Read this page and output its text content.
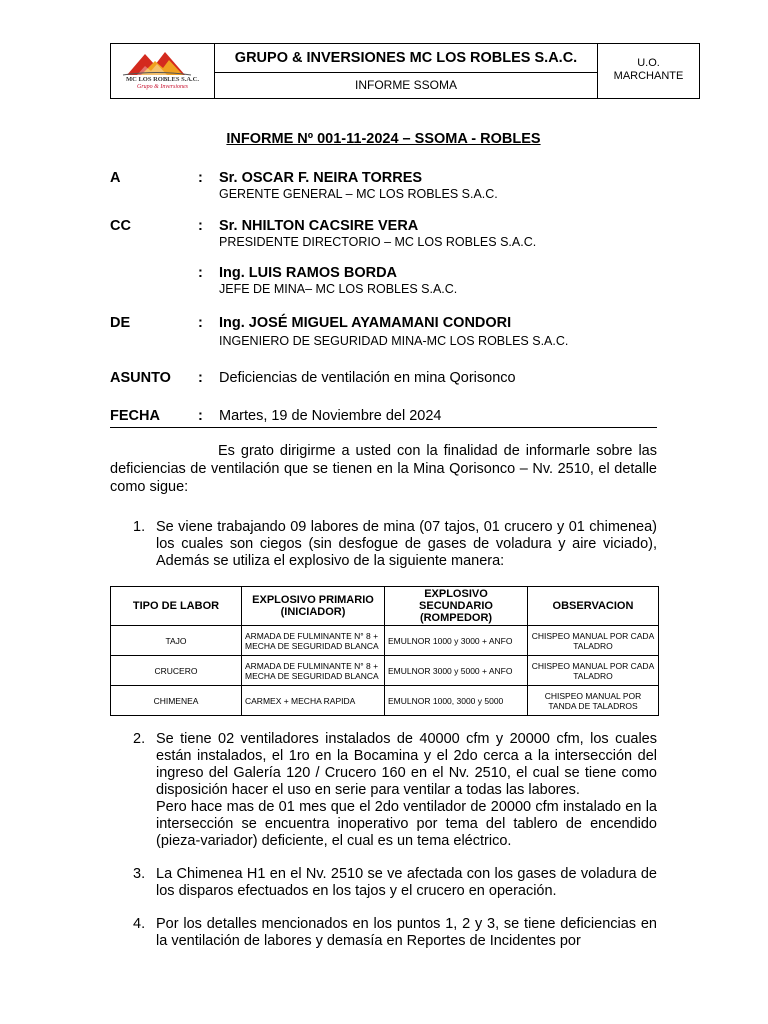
MC LOS ROBLES S.A.C.
Grupo & Inversiones
GRUPO & INVERSIONES MC LOS ROBLES S.A.C.
INFORME SSOMA
U.O.
MARCHANTE
INFORME Nº 001-11-2024 – SSOMA - ROBLES
A	: Sr. OSCAR F. NEIRA TORRES
GERENTE GENERAL – MC LOS ROBLES S.A.C.
CC	: Sr. NHILTON CACSIRE VERA
PRESIDENTE DIRECTORIO – MC LOS ROBLES S.A.C.
: Ing. LUIS RAMOS BORDA
JEFE DE MINA– MC LOS ROBLES S.A.C.
DE	: Ing. JOSÉ MIGUEL AYAMAMANI CONDORI
INGENIERO DE SEGURIDAD MINA-MC LOS ROBLES S.A.C.
ASUNTO : Deficiencias de ventilación en mina Qorisonco
FECHA	: Martes, 19 de Noviembre del 2024

Es grato dirigirme a usted con la finalidad de informarle sobre las deficiencias de ventilación que se tienen en la Mina Qorisonco – Nv. 2510, el detalle como sigue:

1. Se viene trabajando 09 labores de mina (07 tajos, 01 crucero y 01 chimenea) los cuales son ciegos (sin desfogue de gases de voladura y aire viciado), Además se utiliza el explosivo de la siguiente manera:

TIPO DE LABOR	EXPLOSIVO PRIMARIO (INICIADOR)	EXPLOSIVO SECUNDARIO (ROMPEDOR)	OBSERVACION
TAJO	ARMADA DE FULMINANTE N° 8 + MECHA DE SEGURIDAD BLANCA	EMULNOR 1000 y 3000 + ANFO	CHISPEO MANUAL POR CADA TALADRO
CRUCERO	ARMADA DE FULMINANTE N° 8 + MECHA DE SEGURIDAD BLANCA	EMULNOR 3000 y 5000 + ANFO	CHISPEO MANUAL POR CADA TALADRO
CHIMENEA	CARMEX + MECHA RAPIDA	EMULNOR 1000, 3000 y 5000	CHISPEO MANUAL POR TANDA DE TALADROS
2. Se tiene 02 ventiladores instalados de 40000 cfm y 20000 cfm, los cuales están instalados, el 1ro en la Bocamina y el 2do cerca a la intersección del ingreso del Galería 120 / Crucero 160 en el Nv. 2510, el cual se tiene como disposición hacer el uso en serie para ventilar a todas las labores.

Pero hace mas de 01 mes que el 2do ventilador de 20000 cfm instalado en la intersección se encuentra inoperativo por tema del tablero de encendido (pieza-variador) deficiente, el cual es un tema eléctrico.

3. La Chimenea H1 en el Nv. 2510 se ve afectada con los gases de voladura de los disparos efectuados en los tajos y el crucero en operación.

4. Por los detalles mencionados en los puntos 1, 2 y 3, se tiene deficiencias en la ventilación de labores y demasía en Reportes de Incidentes por
